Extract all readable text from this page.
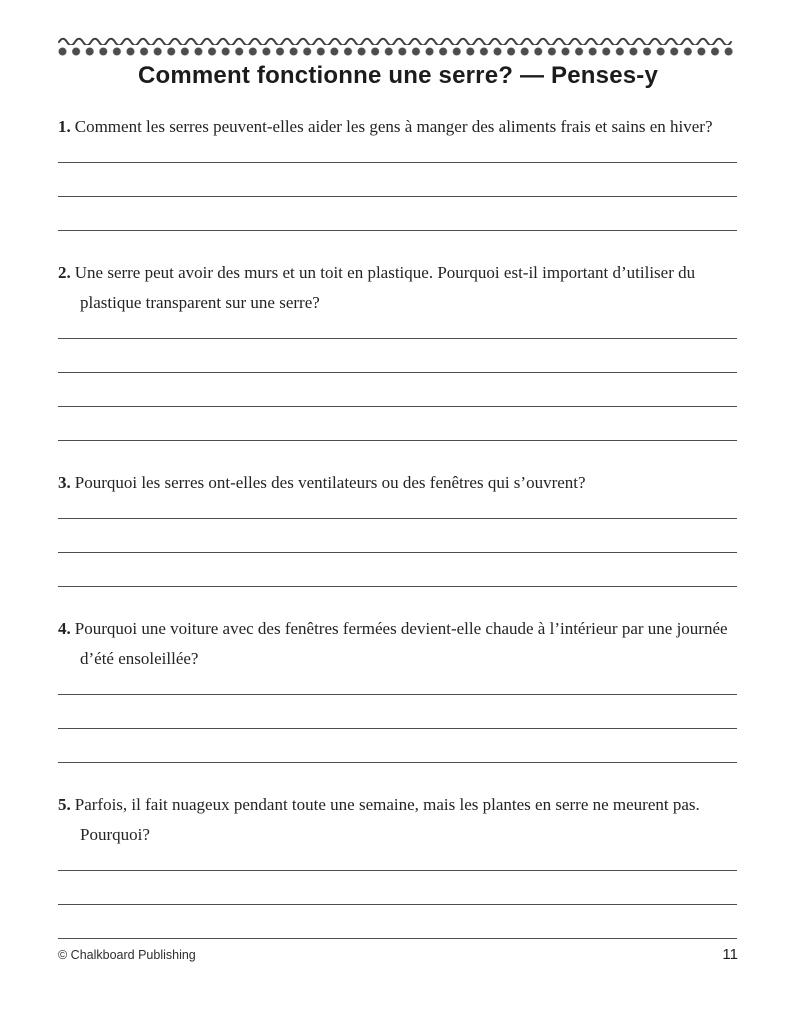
Comment fonctionne une serre? — Penses-y

1. Comment les serres peuvent-elles aider les gens à manger des aliments frais et sains en hiver?

2. Une serre peut avoir des murs et un toit en plastique. Pourquoi est-il important d’utiliser du plastique transparent sur une serre?

3. Pourquoi les serres ont-elles des ventilateurs ou des fenêtres qui s’ouvrent?

4. Pourquoi une voiture avec des fenêtres fermées devient-elle chaude à l’intérieur par une journée d’été ensoleillée?

5. Parfois, il fait nuageux pendant toute une semaine, mais les plantes en serre ne meurent pas. Pourquoi?

© Chalkboard Publishing	11
